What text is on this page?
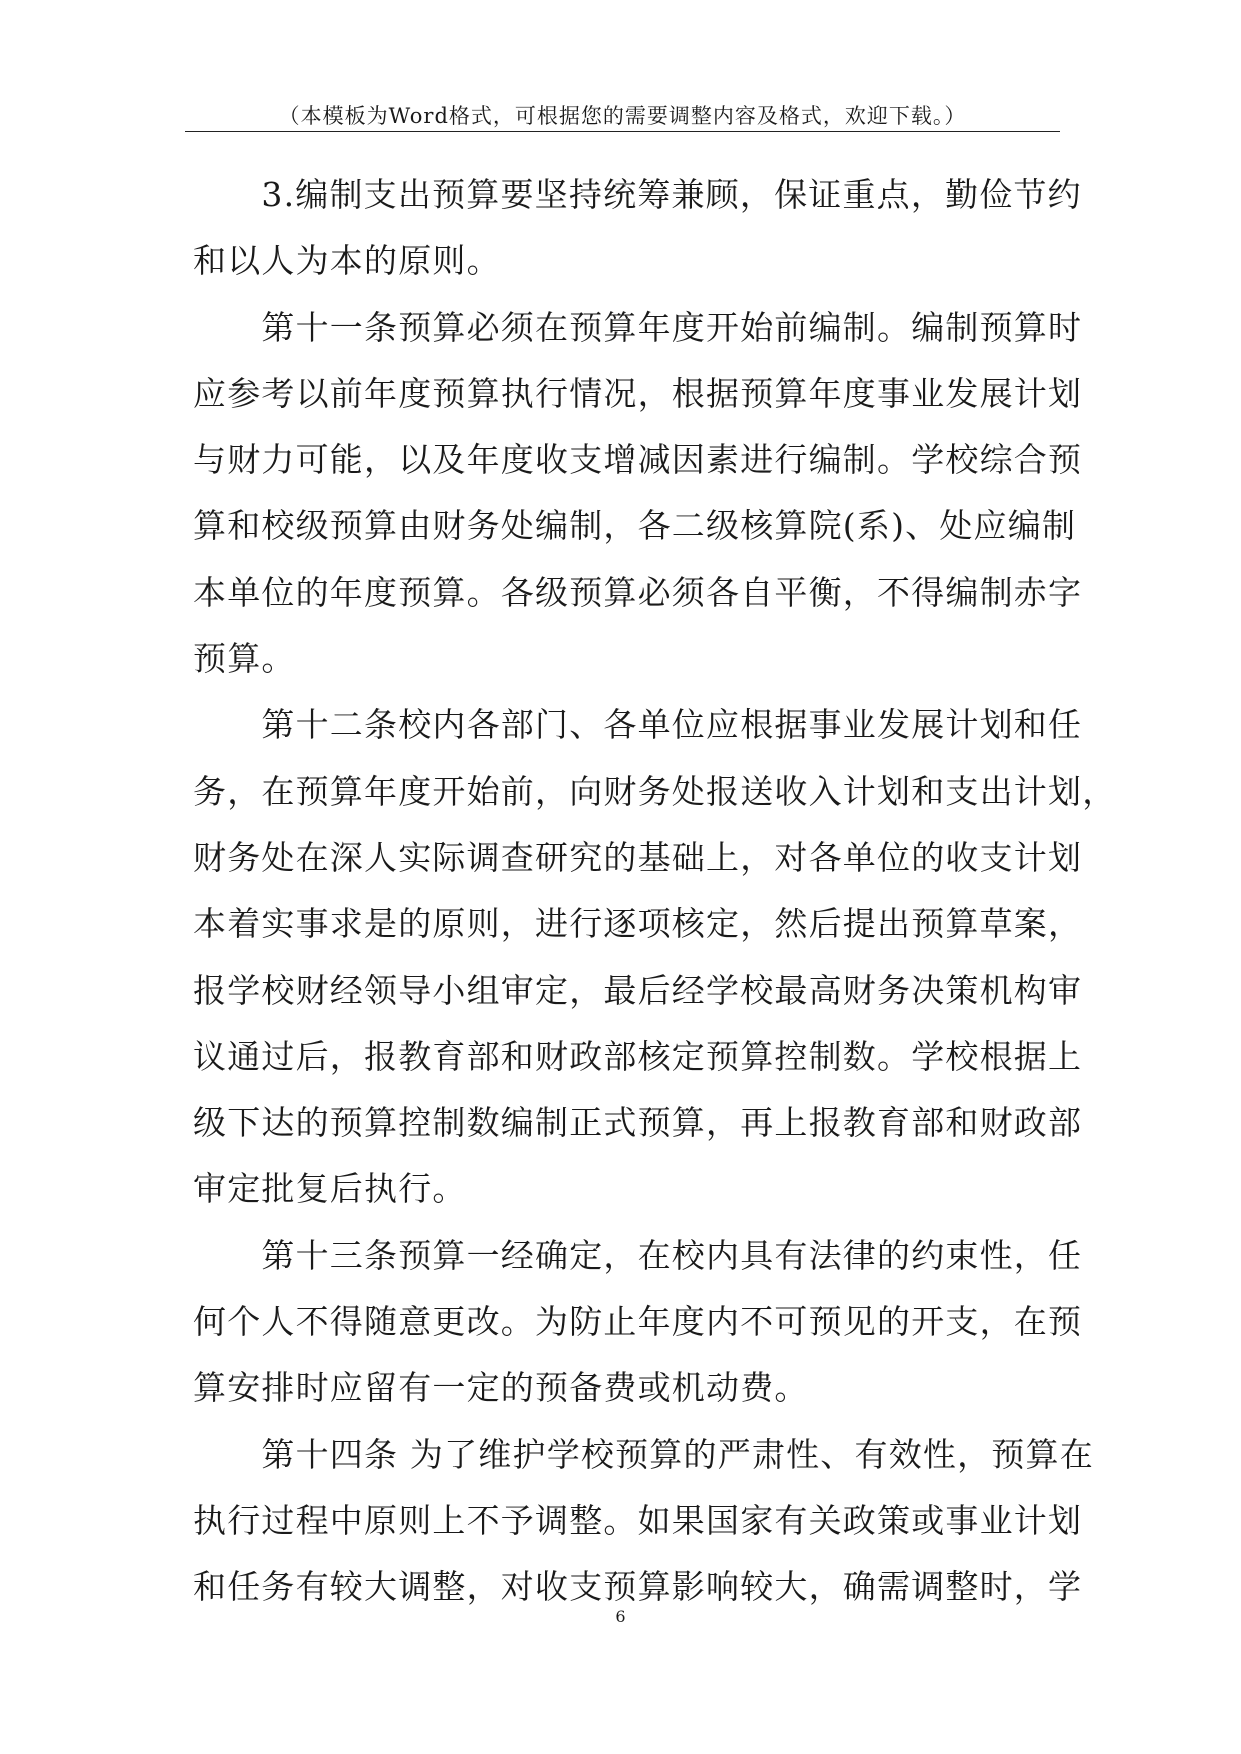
（本模板为Word格式，可根据您的需要调整内容及格式，欢迎下载。）
　　3.编制支出预算要坚持统筹兼顾，保证重点，勤俭节约
和以人为本的原则。
　　第十一条预算必须在预算年度开始前编制。编制预算时
应参考以前年度预算执行情况，根据预算年度事业发展计划
与财力可能，以及年度收支增减因素进行编制。学校综合预
算和校级预算由财务处编制，各二级核算院(系)、处应编制
本单位的年度预算。各级预算必须各自平衡，不得编制赤字
预算。
　　第十二条校内各部门、各单位应根据事业发展计划和任
务，在预算年度开始前，向财务处报送收入计划和支出计划，
财务处在深人实际调查研究的基础上，对各单位的收支计划
本着实事求是的原则，进行逐项核定，然后提出预算草案，
报学校财经领导小组审定，最后经学校最高财务决策机构审
议通过后，报教育部和财政部核定预算控制数。学校根据上
级下达的预算控制数编制正式预算，再上报教育部和财政部
审定批复后执行。
　　第十三条预算一经确定，在校内具有法律的约束性，任
何个人不得随意更改。为防止年度内不可预见的开支，在预
算安排时应留有一定的预备费或机动费。
　　第十四条 为了维护学校预算的严肃性、有效性，预算在
执行过程中原则上不予调整。如果国家有关政策或事业计划
和任务有较大调整，对收支预算影响较大，确需调整时，学
6
